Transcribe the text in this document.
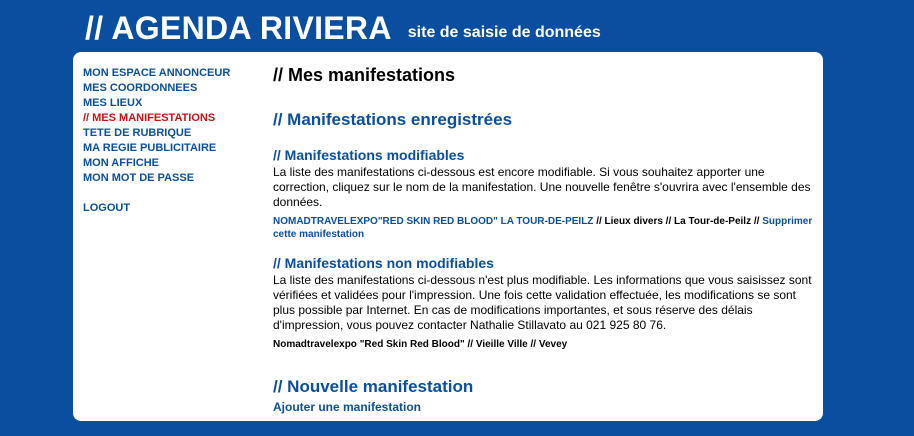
// AGENDA RIVIERA site de saisie de données
MON ESPACE ANNONCEUR
MES COORDONNEES
MES LIEUX
// MES MANIFESTATIONS
TETE DE RUBRIQUE
MA REGIE PUBLICITAIRE
MON AFFICHE
MON MOT DE PASSE
LOGOUT
// Mes manifestations
// Manifestations enregistrées
// Manifestations modifiables

La liste des manifestations ci-dessous est encore modifiable. Si vous souhaitez apporter une correction, cliquez sur le nom de la manifestation. Une nouvelle fenêtre s'ouvrira avec l'ensemble des données.

NOMADTRAVELEXPO"RED SKIN RED BLOOD" LA TOUR-DE-PEILZ // Lieux divers // La Tour-de-Peilz // Supprimer cette manifestation

// Manifestations non modifiables

La liste des manifestations ci-dessous n'est plus modifiable. Les informations que vous saisissez sont vérifiées et validées pour l'impression. Une fois cette validation effectuée, les modifications se sont plus possible par Internet. En cas de modifications importantes, et sous réserve des délais d'impression, vous pouvez contacter Nathalie Stillavato au 021 925 80 76.

Nomadtravelexpo "Red Skin Red Blood" // Vieille Ville // Vevey

// Nouvelle manifestation
Ajouter une manifestation
